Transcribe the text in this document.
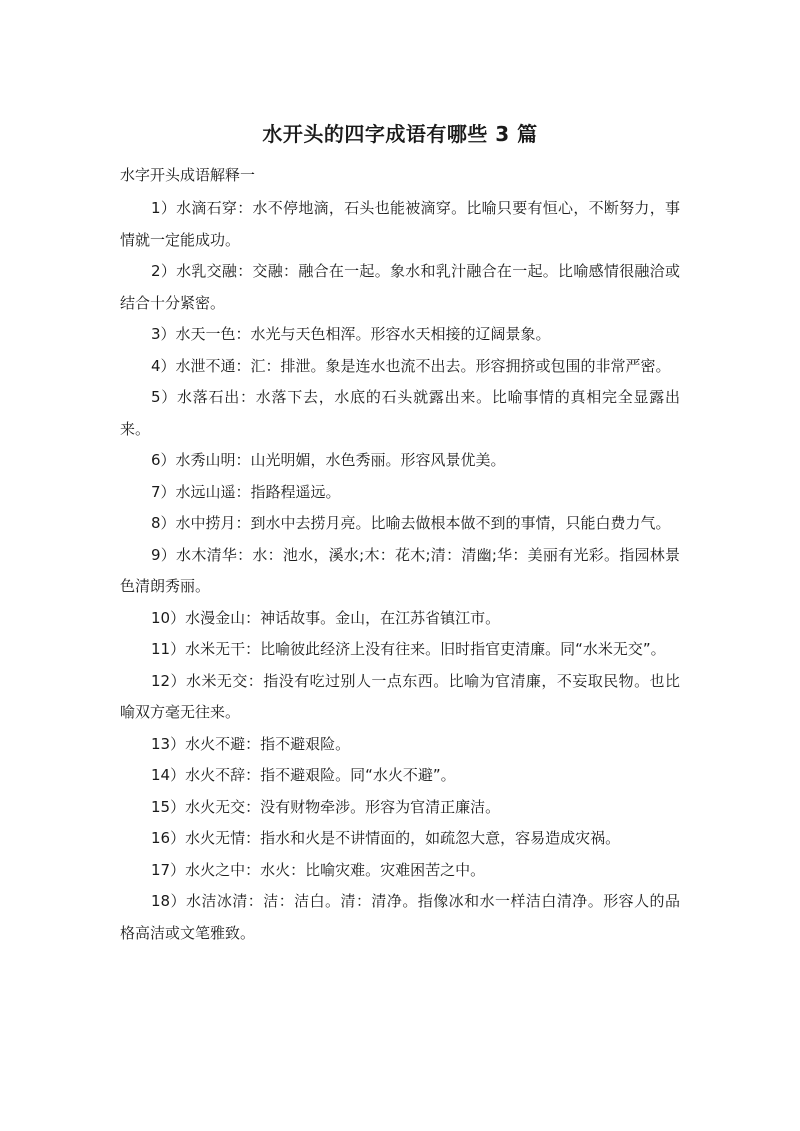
水开头的四字成语有哪些 3 篇

水字开头成语解释一

1）水滴石穿：水不停地滴，石头也能被滴穿。比喻只要有恒心，不断努力，事情就一定能成功。
2）水乳交融：交融：融合在一起。象水和乳汁融合在一起。比喻感情很融洽或结合十分紧密。
3）水天一色：水光与天色相浑。形容水天相接的辽阔景象。
4）水泄不通：汇：排泄。象是连水也流不出去。形容拥挤或包围的非常严密。
5）水落石出：水落下去，水底的石头就露出来。比喻事情的真相完全显露出来。
6）水秀山明：山光明媚，水色秀丽。形容风景优美。
7）水远山遥：指路程遥远。
8）水中捞月：到水中去捞月亮。比喻去做根本做不到的事情，只能白费力气。
9）水木清华：水：池水，溪水;木：花木;清：清幽;华：美丽有光彩。指园林景色清朗秀丽。
10）水漫金山：神话故事。金山，在江苏省镇江市。
11）水米无干：比喻彼此经济上没有往来。旧时指官吏清廉。同“水米无交”。
12）水米无交：指没有吃过别人一点东西。比喻为官清廉，不妄取民物。也比喻双方毫无往来。
13）水火不避：指不避艰险。
14）水火不辞：指不避艰险。同“水火不避”。
15）水火无交：没有财物牵涉。形容为官清正廉洁。
16）水火无情：指水和火是不讲情面的，如疏忽大意，容易造成灾祸。
17）水火之中：水火：比喻灾难。灾难困苦之中。
18）水洁冰清：洁：洁白。清：清净。指像冰和水一样洁白清净。形容人的品格高洁或文笔雅致。
